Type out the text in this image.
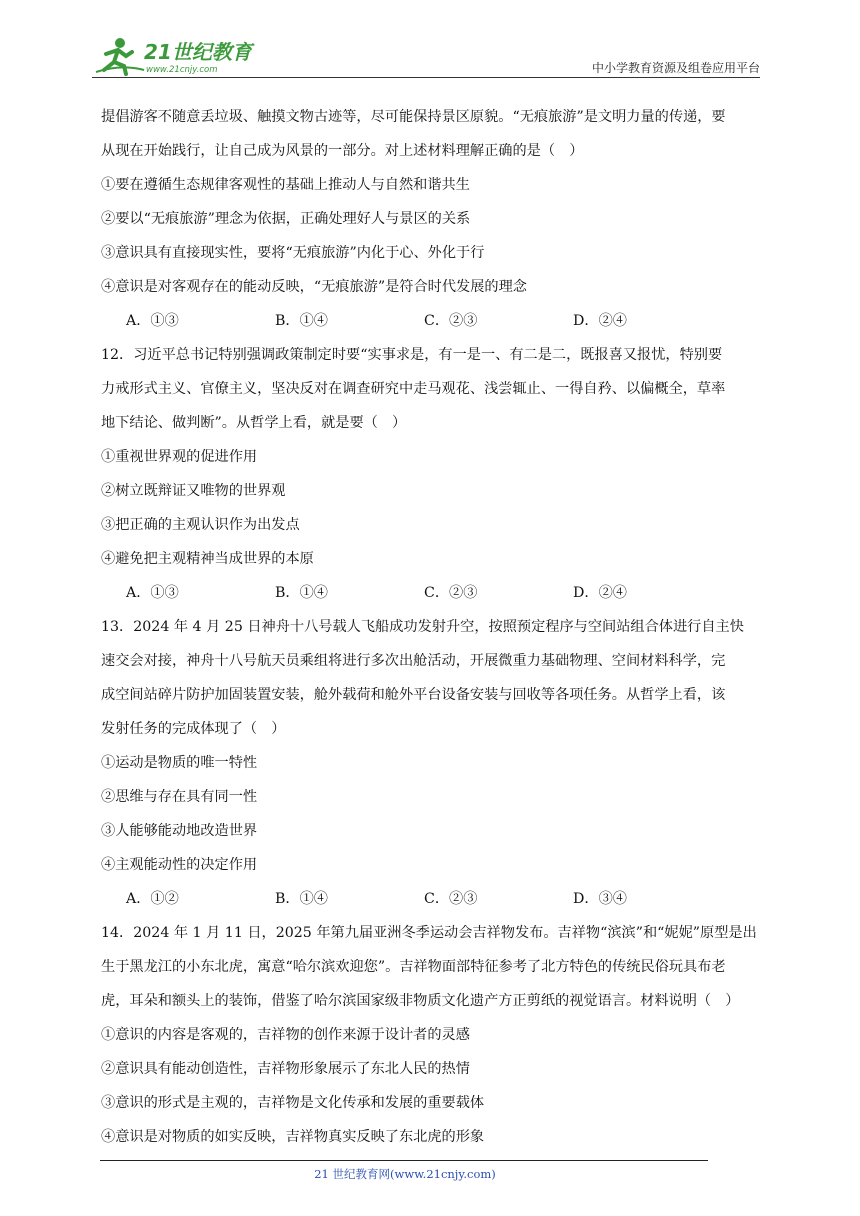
21世纪教育
www.21cnjy.com	中小学教育资源及组卷应用平台
提倡游客不随意丢垃圾、触摸文物古迹等，尽可能保持景区原貌。“无痕旅游”是文明力量的传递，要
从现在开始践行，让自己成为风景的一部分。对上述材料理解正确的是（　）
①要在遵循生态规律客观性的基础上推动人与自然和谐共生
②要以“无痕旅游”理念为依据，正确处理好人与景区的关系
③意识具有直接现实性，要将“无痕旅游”内化于心、外化于行
④意识是对客观存在的能动反映，“无痕旅游”是符合时代发展的理念
A．①③	B．①④	C．②③	D．②④
12．习近平总书记特别强调政策制定时要“实事求是，有一是一、有二是二，既报喜又报忧，特别要
力戒形式主义、官僚主义，坚决反对在调查研究中走马观花、浅尝辄止、一得自矜、以偏概全，草率
地下结论、做判断”。从哲学上看，就是要（　）
①重视世界观的促进作用
②树立既辩证又唯物的世界观
③把正确的主观认识作为出发点
④避免把主观精神当成世界的本原
A．①③	B．①④	C．②③	D．②④
13．2024 年 4 月 25 日神舟十八号载人飞船成功发射升空，按照预定程序与空间站组合体进行自主快
速交会对接，神舟十八号航天员乘组将进行多次出舱活动，开展微重力基础物理、空间材料科学，完
成空间站碎片防护加固装置安装，舱外载荷和舱外平台设备安装与回收等各项任务。从哲学上看，该
发射任务的完成体现了（　）
①运动是物质的唯一特性
②思维与存在具有同一性
③人能够能动地改造世界
④主观能动性的决定作用
A．①②	B．①④	C．②③	D．③④
14．2024 年 1 月 11 日，2025 年第九届亚洲冬季运动会吉祥物发布。吉祥物“滨滨”和“妮妮”原型是出
生于黑龙江的小东北虎，寓意“哈尔滨欢迎您”。吉祥物面部特征参考了北方特色的传统民俗玩具布老
虎，耳朵和额头上的装饰，借鉴了哈尔滨国家级非物质文化遗产方正剪纸的视觉语言。材料说明（　）
①意识的内容是客观的，吉祥物的创作来源于设计者的灵感
②意识具有能动创造性，吉祥物形象展示了东北人民的热情
③意识的形式是主观的，吉祥物是文化传承和发展的重要载体
④意识是对物质的如实反映，吉祥物真实反映了东北虎的形象
21 世纪教育网(www.21cnjy.com)
